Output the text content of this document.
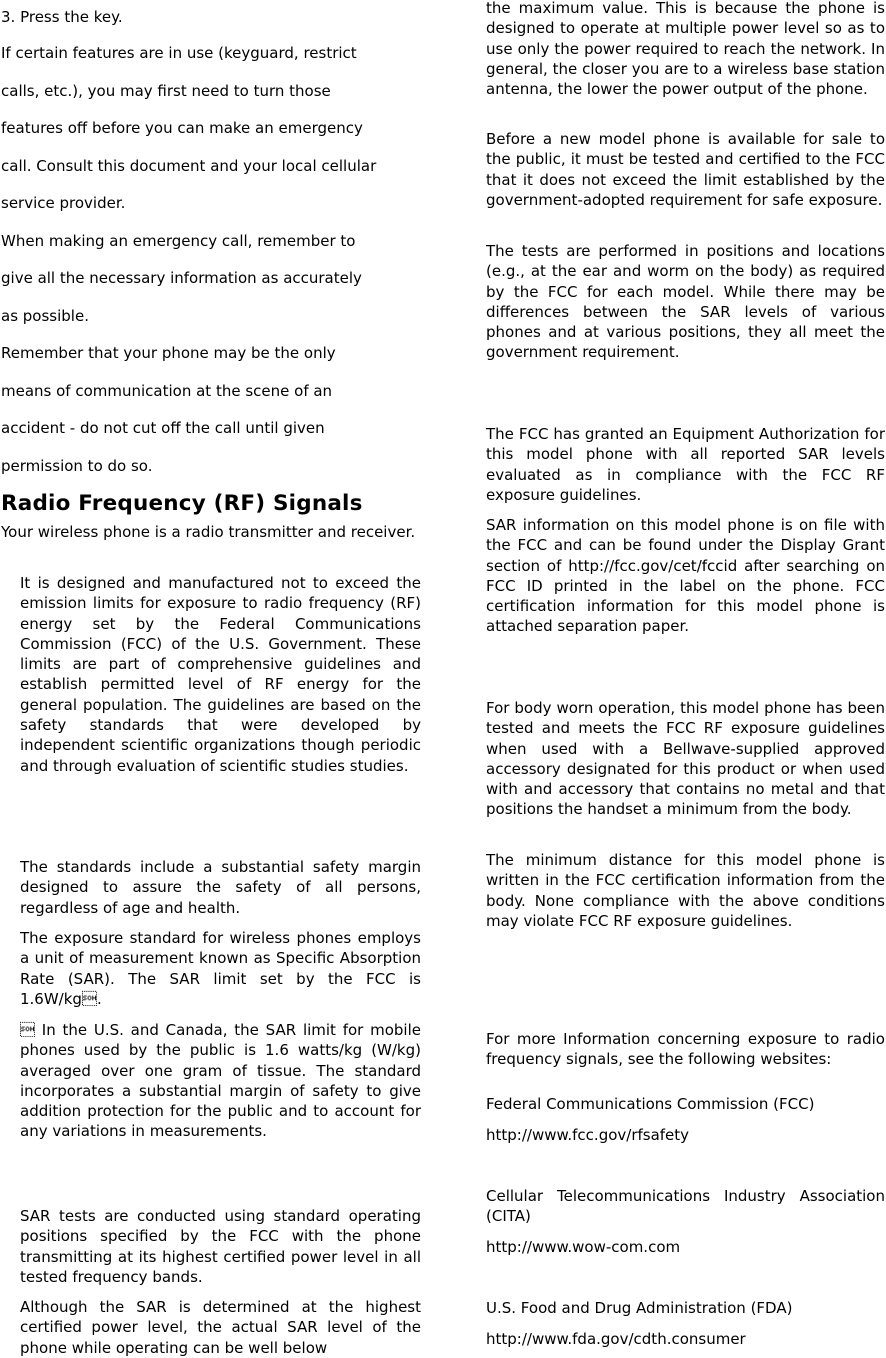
3. Press the key.

If certain features are in use (keyguard, restrict

calls, etc.), you may first need to turn those

features off before you can make an emergency

call. Consult this document and your local cellular

service provider.

When making an emergency call, remember to

give all the necessary information as accurately

as possible.

Remember that your phone may be the only

means of communication at the scene of an

accident - do not cut off the call until given

permission to do so.

Radio Frequency (RF) Signals

Your wireless phone is a radio transmitter and receiver.

It is designed and manufactured not to exceed the emission limits for exposure to radio frequency (RF) energy set by the Federal Communications Commission (FCC) of the U.S. Government. These limits are part of comprehensive guidelines and establish permitted level of RF energy for the general population. The guidelines are based on the safety standards that were developed by independent scientific organizations though periodic and through evaluation of scientific studies studies.

The standards include a substantial safety margin designed to assure the safety of all persons, regardless of age and health.

The exposure standard for wireless phones employs a unit of measurement known as Specific Absorption Rate (SAR). The SAR limit set by the FCC is 1.6W/kg.

 In the U.S. and Canada, the SAR limit for mobile phones used by the public is 1.6 watts/kg (W/kg) averaged over one gram of tissue. The standard incorporates a substantial margin of safety to give addition protection for the public and to account for any variations in measurements.

SAR tests are conducted using standard operating positions specified by the FCC with the phone transmitting at its highest certified power level in all tested frequency bands.

Although the SAR is determined at the highest certified power level, the actual SAR level of the phone while operating can be well below

the maximum value. This is because the phone is designed to operate at multiple power level so as to use only the power required to reach the network. In general, the closer you are to a wireless base station antenna, the lower the power output of the phone.

Before a new model phone is available for sale to the public, it must be tested and certified to the FCC that it does not exceed the limit established by the government-adopted requirement for safe exposure.

The tests are performed in positions and locations (e.g., at the ear and worm on the body) as required by the FCC for each model. While there may be differences between the SAR levels of various phones and at various positions, they all meet the government requirement.

The FCC has granted an Equipment Authorization for this model phone with all reported SAR levels evaluated as in compliance with the FCC RF exposure guidelines.

SAR information on this model phone is on file with the FCC and can be found under the Display Grant section of http://fcc.gov/cet/fccid after searching on FCC ID printed in the label on the phone. FCC certification information for this model phone is attached separation paper.

For body worn operation, this model phone has been tested and meets the FCC RF exposure guidelines when used with a Bellwave-supplied approved accessory designated for this product or when used with and accessory that contains no metal and that positions the handset a minimum from the body.

The minimum distance for this model phone is written in the FCC certification information from the body. None compliance with the above conditions may violate FCC RF exposure guidelines.

For more Information concerning exposure to radio frequency signals, see the following websites:

Federal Communications Commission (FCC)

http://www.fcc.gov/rfsafety

Cellular Telecommunications Industry Association (CITA)

http://www.wow-com.com

U.S. Food and Drug Administration (FDA)

http://www.fda.gov/cdth.consumer
